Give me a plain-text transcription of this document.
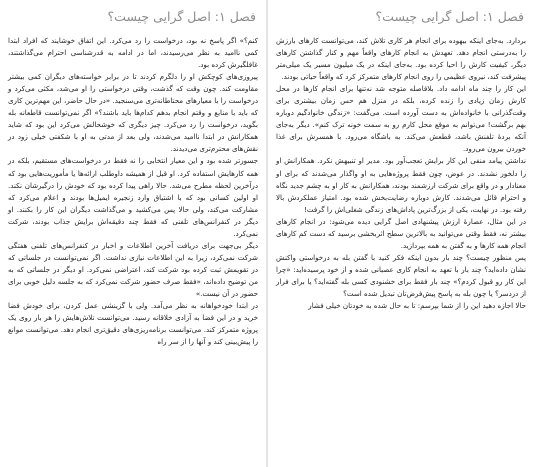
فصل ۱: اصل گرایی چیست؟

کنم؟» اگر پاسخ نه بود، درخواست را رد می‌کرد. این اتفاق خوشایند که افراد ابتدا کمی ناامید به نظر می‌رسیدند، اما در ادامه به قدرشناسی احترام می‌گذاشتند، غافلگیرش کرده بود.

پیروزی‌های کوچکش او را دلگرم کردند تا در برابر خواسته‌های دیگران کمی بیشتر مقاومت کند. چون وقت که گذشت، وقتی درخواستی را او می‌شد، مکثی می‌کرد و درخواست را با معیارهای محتاطانه‌تری می‌سنجید. «در حال حاضر، این مهم‌ترین کاری که باید با منابع و وقتم انجام بدهم کدام‌ها باید باشند؟» اگر نمی‌توانست قاطعانه بله بگوید، درخواست را رد می‌کرد. چیز دیگری که خوشحالش می‌کرد این بود که شاید همکارانش در ابتدا ناامید می‌شدند، ولی بعد از مدتی به او با شکفتی خیلی زود در نقش‌های محترم‌تری می‌دیدند.

جسورتر شده بود و این معیار انتخابی را نه فقط در درخواست‌های مستقیم، بلکه در همه کارهایش استفاده کرد. او قبل از همیشه داوطلب ارائه‌ها یا مأموریت‌هایی بود که درآخرین لحظه مطرح می‌شد. حالا راهی پیدا کرده بود که خودش را درگیرشان نکند. او اولین کسانی بود که با اشتیاق وارد زنجیره ایمیل‌ها بودند و اعلام می‌کرد که مشارکت می‌کند، ولی حالا پس می‌کشید و می‌گذاشت دیگران این کار را بکنند. او دیگر در کنفرانس‌های تلفنی که فقط چند دقیقه‌اش برایش جذاب بودند، شرکت نمی‌کرد.

دیگر بی‌جهت برای دریافت آخرین اطلاعات و اخبار در کنفرانس‌های تلفنی هفتگی شرکت نمی‌کرد، زیرا به این اطلاعات نیازی نداشت. اگر نمی‌توانست در جلساتی که در تقویمش ثبت کرده بود شرکت کند، اعتراضی نمی‌کرد. او دیگر در جلساتی که به من توضیح داده‌اند، «فقط صرف حضور شرکت نمی‌کرد که به جلسه دلیل خوبی برای حضور در آن نیست.»

در ابتدا خودخواهانه به نظر می‌آمد. ولی با گزینشی عمل کردن، برای خودش فضا خرید و در این فضا به آزادی خلاقانه رسید. می‌توانست تلاش‌هایش را هر بار روی یک پروژه متمرکز کند. می‌توانست برنامه‌ریزی‌های دقیق‌تری انجام دهد. می‌توانست موانع را پیش‌بینی کند و آنها را از سر راه

فصل ۱: اصل گرایی چیست؟

بردارد. به‌جای اینکه بیهوده برای انجام هر کاری تلاش کند، می‌توانست کارهای بارزش را به‌درستی انجام دهد. تعهدش به انجام کارهای واقعاً مهم و کنار گذاشتن کارهای دیگر، کیفیت کارش را احیا کرده بود. به‌جای اینکه در یک میلیون مسیر یک میلی‌متر پیشرفت کند، نیروی عظیمی را روی انجام کارهای متمرکز کرد که واقعاً حیاتی بودند.

این کار را چند ماه ادامه داد. بلافاصله متوجه شد نه‌تنها برای انجام کارها در محل کارش زمان زیادی را زنده کرده، بلکه در منزل هم حس زمان بیشتری برای وقت‌گذرانی با خانواده‌اش به دست آورده است. می‌گفت: «زندگی خانوادگیم دوباره بهم برگشت! می‌توانم به موقع محل کارم رو به سمت خونه ترک کنم». دیگر به‌جای آنکه بردهٔ تلفنش باشد، قطعش می‌کند. به باشگاه می‌رود. با همسرش برای غذا خوردن بیرون می‌رود.

نداشتن پیامد منفی این کار برایش تعجب‌آور بود. مدیر او تنبیهش نکرد. همکارانش او را دلخور نشدند. در عوض، چون فقط پروژه‌هایی به او واگذار می‌شدند که برای او معنادار و در واقع برای شرکت ارزشمند بودند، همکارانش به کار او به چشم جدید نگاه و احترام قائل می‌شدند. کارش دوباره رضایت‌بخش شده بود. امتیاز عملکردش بالا رفته بود. در نهایت، یکی از بزرگ‌ترین پاداش‌های زندگی شغلی‌اش را گرفت!

در این مثال، عصارهٔ ارزش پیشنهادی اصل گرایی دیده می‌شود: در انجام کارهای بیشتر نه، فقط وقتی می‌توانید به بالاترین سطح اثربخشی برسید که دست کم کارهای انجام همه کارها و به گفتن به همه بپردازید.

پس منظور چیست؟ چند بار بدون اینکه فکر کنید با گفتن بله به درخواستی واکنش نشان داده‌اید؟ چند بار با تعهد به انجام کاری عصبانی شده و از خود پرسیده‌اید: «چرا این کار رو قبول کردم؟» چند بار فقط برای خشنودی کسی بله گفته‌اید؟ یا برای فرار از دردسر؟ یا چون بله به پاسخ پیش‌فرض‌تان تبدیل شده است؟

حالا اجازه دهید این را از شما بپرسم: تا به حال شده به خودتان خیلی فشار
